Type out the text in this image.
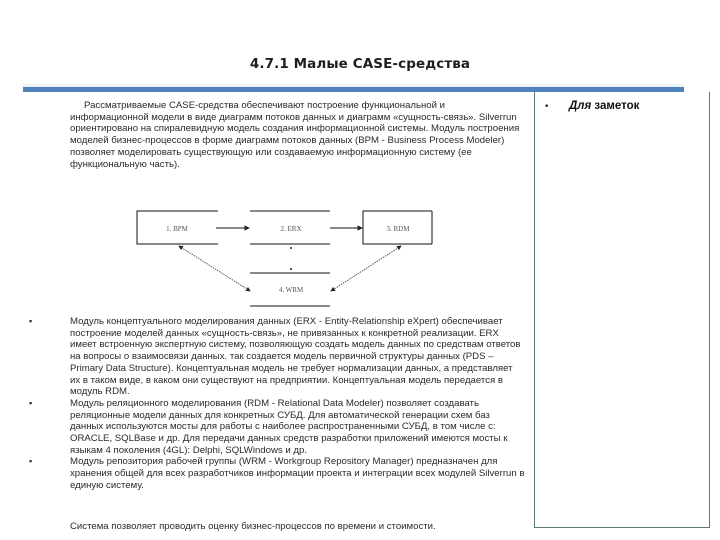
4.7.1 Малые CASE-средства
Рассматриваемые CASE-средства обеспечивают построение функциональной и информационной модели в виде диаграмм потоков данных и диаграмм «сущность-связь». Silverrun ориентировано на спиралевидную модель создания информационной системы. Модуль построения моделей бизнес-процессов в форме диаграмм потоков данных (BPM - Business Process Modeler) позволяет моделировать существующую или создаваемую информационную систему (ее функциональную часть).
1. BPM	2. ERX	3. RDM
4. WRM
▪	Модуль концептуального моделирования данных (ERX - Entity-Relationship eXpert) обеспечивает построение моделей данных «сущность-связь», не привязанных к конкретной реализации. ERX имеет встроенную экспертную систему, позволяющую создать модель данных по средствам ответов на вопросы о взаимосвязи данных. так создается модель первичной структуры данных (PDS – Primary Data Structure). Концептуальная модель не требует нормализации данных, а представляет их в таком виде, в каком они существуют на предприятии. Концептуальная модель передается в модуль RDM.
▪	Модуль реляционного моделирования (RDM - Relational Data Modeler) позволяет создавать реляционные модели данных для конкретных СУБД. Для автоматической генерации схем баз данных используются мосты для работы с наиболее распространенными СУБД, в том числе с: ORACLE, SQLBase и др. Для передачи данных средств разработки приложений имеются мосты к языкам 4 поколения (4GL): Delphi, SQLWindows и др.
▪	Модуль репозитория рабочей группы (WRM - Workgroup Repository Manager) предназначен для хранения общей для всех разработчиков информации проекта и интеграции всех модулей Silverrun в единую систему.
Система позволяет проводить оценку бизнес-процессов по времени и стоимости.
• Для заметок
